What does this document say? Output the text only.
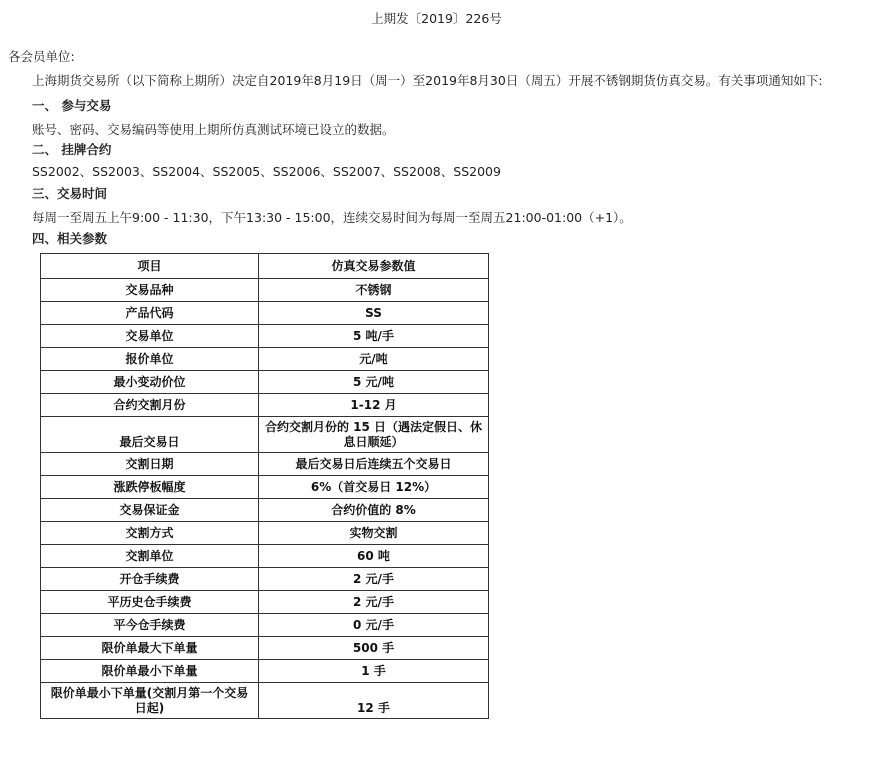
上期发〔2019〕226号
各会员单位:
上海期货交易所（以下简称上期所）决定自2019年8月19日（周一）至2019年8月30日（周五）开展不锈钢期货仿真交易。有关事项通知如下:
一、 参与交易
账号、密码、交易编码等使用上期所仿真测试环境已设立的数据。
二、 挂牌合约
SS2002、SS2003、SS2004、SS2005、SS2006、SS2007、SS2008、SS2009
三、交易时间
每周一至周五上午9:00 - 11:30，下午13:30 - 15:00，连续交易时间为每周一至周五21:00-01:00（+1）。
四、相关参数
项目	仿真交易参数值
交易品种	不锈钢
产品代码	SS
交易单位	5 吨/手
报价单位	元/吨
最小变动价位	5 元/吨
合约交割月份	1-12 月
最后交易日	合约交割月份的 15 日（遇法定假日、休息日顺延）
交割日期	最后交易日后连续五个交易日
涨跌停板幅度	6%（首交易日 12%）
交易保证金	合约价值的 8%
交割方式	实物交割
交割单位	60 吨
开仓手续费	2 元/手
平历史仓手续费	2 元/手
平今仓手续费	0 元/手
限价单最大下单量	500 手
限价单最小下单量	1 手
限价单最小下单量(交割月第一个交易日起)	12 手
